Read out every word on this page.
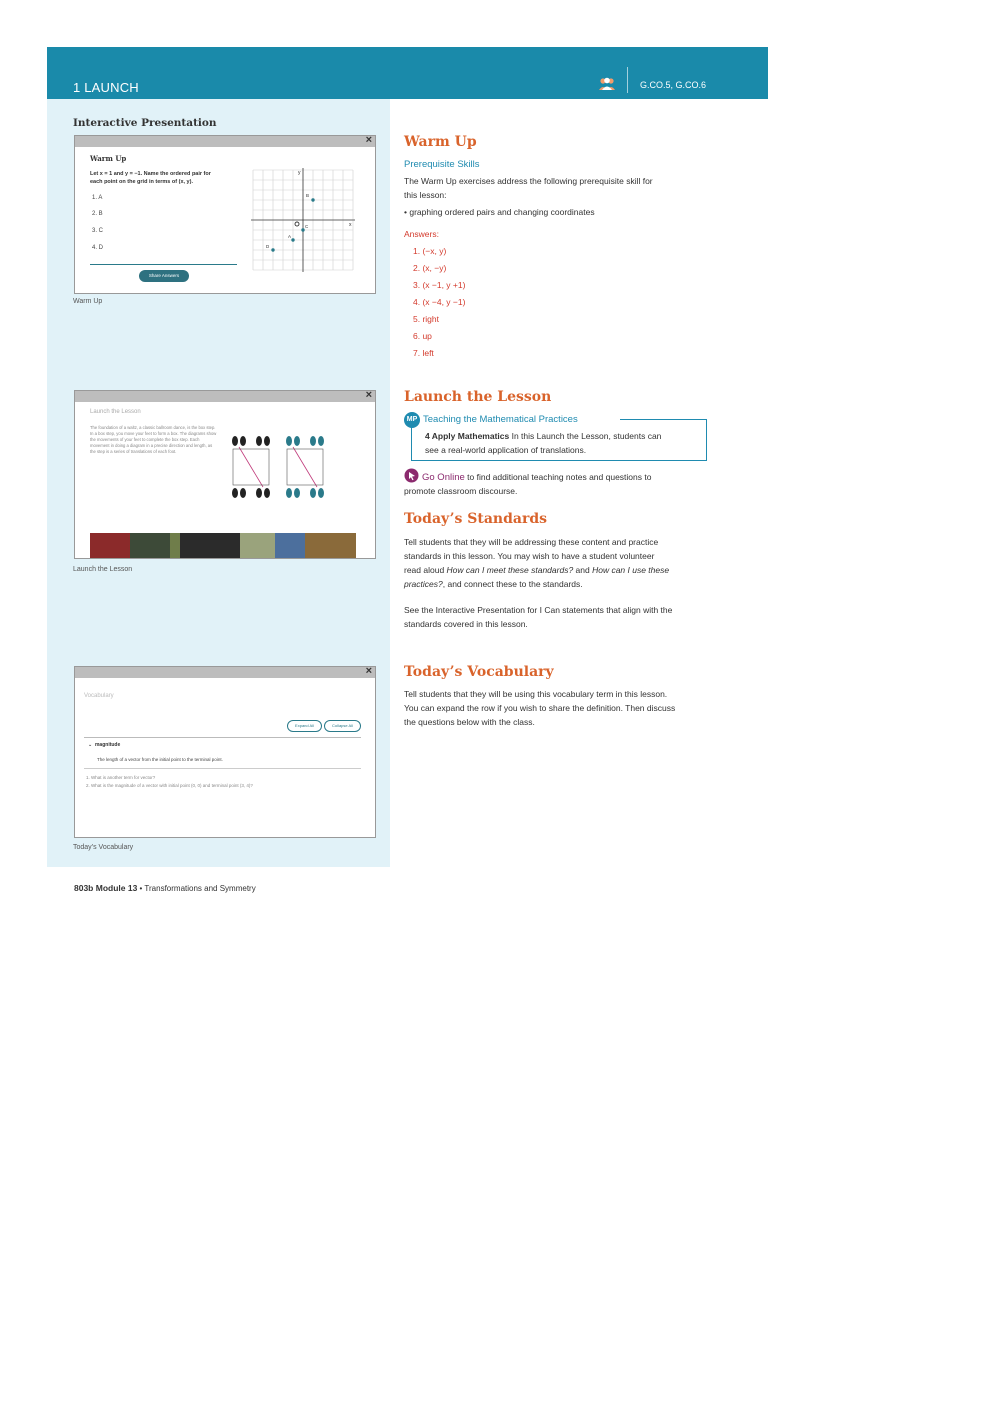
1 LAUNCH	G.CO.5, G.CO.6
Interactive Presentation
×
Warm Up
Let x = 1 and y = −1. Name the ordered pair for
each point on the grid in terms of (x, y).
1. A
2. B
3. C
4. D
Share Answers
y
x
B
C
A
D
Warm Up
×
Launch the Lesson
The foundation of a waltz, a classic ballroom dance, is the box step. In a box step, you move your feet to form a box. The diagrams show the movements of your feet to complete the box step. Each movement in doing a diagram in a precise direction and length, as the step is a series of translations of each foot.
Launch the Lesson
×
Vocabulary
Expand All	Collapse All
⌄ magnitude
The length of a vector from the initial point to the terminal point.
1. What is another term for vector?
2. What is the magnitude of a vector with initial point (0, 0) and terminal point (3, 4)?
Today’s Vocabulary
Warm Up
Prerequisite Skills
The Warm Up exercises address the following prerequisite skill for
this lesson:
• graphing ordered pairs and changing coordinates
Answers:
1. (−x, y)
2. (x, −y)
3. (x −1, y +1)
4. (x −4, y −1)
5. right
6. up
7. left
Launch the Lesson
MP Teaching the Mathematical Practices
4 Apply Mathematics In this Launch the Lesson, students can
see a real-world application of translations.
Go Online to find additional teaching notes and questions to
promote classroom discourse.
Today’s Standards
Tell students that they will be addressing these content and practice
standards in this lesson. You may wish to have a student volunteer
read aloud How can I meet these standards? and How can I use these
practices?, and connect these to the standards.
See the Interactive Presentation for I Can statements that align with the
standards covered in this lesson.
Today’s Vocabulary
Tell students that they will be using this vocabulary term in this lesson.
You can expand the row if you wish to share the definition. Then discuss
the questions below with the class.
803b Module 13 • Transformations and Symmetry
